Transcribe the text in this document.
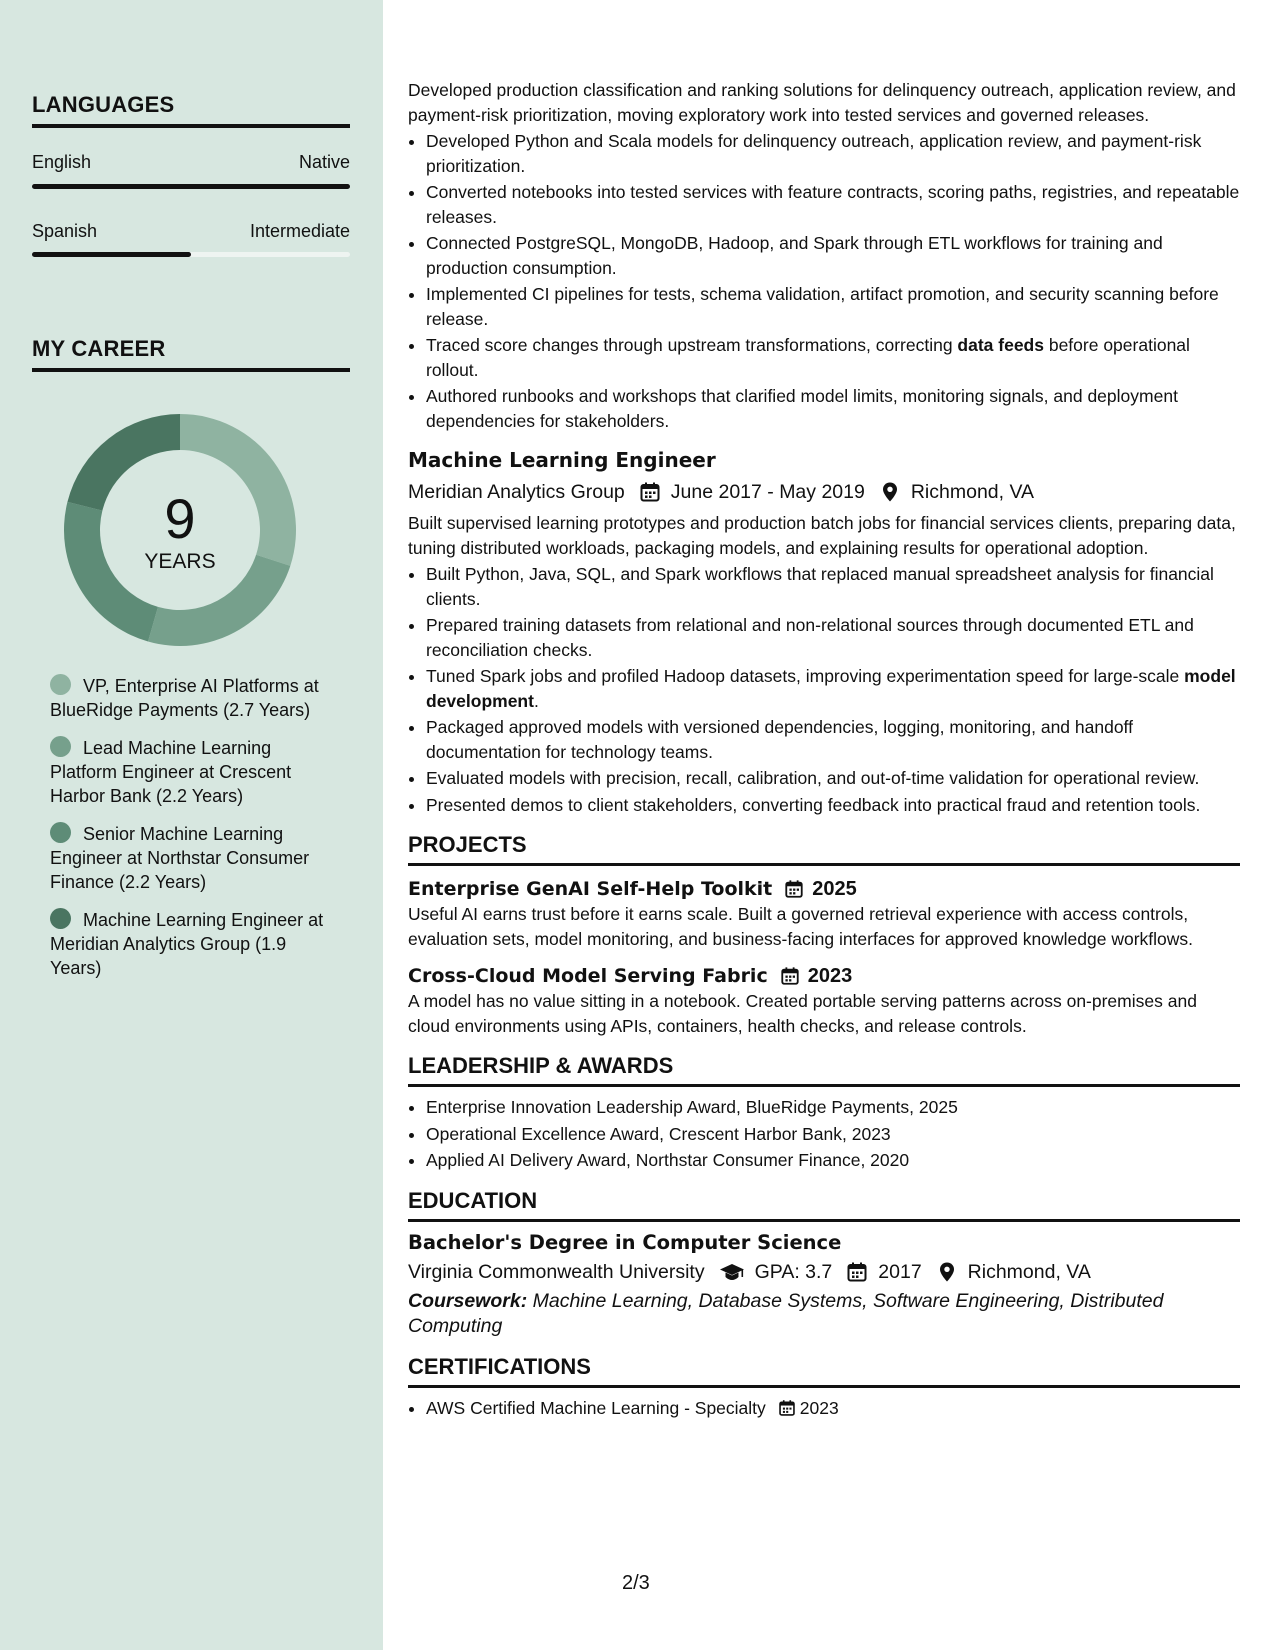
LANGUAGES
English	Native
Spanish	Intermediate
MY CAREER
9
YEARS
VP, Enterprise AI Platforms at BlueRidge Payments (2.7 Years)
Lead Machine Learning Platform Engineer at Crescent Harbor Bank (2.2 Years)
Senior Machine Learning Engineer at Northstar Consumer Finance (2.2 Years)
Machine Learning Engineer at Meridian Analytics Group (1.9 Years)

Developed production classification and ranking solutions for delinquency outreach, application review, and payment-risk prioritization, moving exploratory work into tested services and governed releases.

• Developed Python and Scala models for delinquency outreach, application review, and payment-risk prioritization.
• Converted notebooks into tested services with feature contracts, scoring paths, registries, and repeatable releases.
• Connected PostgreSQL, MongoDB, Hadoop, and Spark through ETL workflows for training and production consumption.
• Implemented CI pipelines for tests, schema validation, artifact promotion, and security scanning before release.
• Traced score changes through upstream transformations, correcting data feeds before operational rollout.
• Authored runbooks and workshops that clarified model limits, monitoring signals, and deployment dependencies for stakeholders.
Machine Learning Engineer
Meridian Analytics Group June 2017 - May 2019 Richmond, VA

Built supervised learning prototypes and production batch jobs for financial services clients, preparing data, tuning distributed workloads, packaging models, and explaining results for operational adoption.

• Built Python, Java, SQL, and Spark workflows that replaced manual spreadsheet analysis for financial clients.
• Prepared training datasets from relational and non-relational sources through documented ETL and reconciliation checks.
• Tuned Spark jobs and profiled Hadoop datasets, improving experimentation speed for large-scale model development.
• Packaged approved models with versioned dependencies, logging, monitoring, and handoff documentation for technology teams.
• Evaluated models with precision, recall, calibration, and out-of-time validation for operational review.
• Presented demos to client stakeholders, converting feedback into practical fraud and retention tools.
PROJECTS
Enterprise GenAI Self-Help Toolkit 2025

Useful AI earns trust before it earns scale. Built a governed retrieval experience with access controls, evaluation sets, model monitoring, and business-facing interfaces for approved knowledge workflows.

Cross-Cloud Model Serving Fabric 2023

A model has no value sitting in a notebook. Created portable serving patterns across on-premises and cloud environments using APIs, containers, health checks, and release controls.

LEADERSHIP & AWARDS
• Enterprise Innovation Leadership Award, BlueRidge Payments, 2025
• Operational Excellence Award, Crescent Harbor Bank, 2023
• Applied AI Delivery Award, Northstar Consumer Finance, 2020
EDUCATION
Bachelor's Degree in Computer Science
Virginia Commonwealth University	GPA: 3.7 2017 Richmond, VA
Coursework: Machine Learning, Database Systems, Software Engineering, Distributed Computing
CERTIFICATIONS
• AWS Certified Machine Learning - Specialty 2023
2/3
